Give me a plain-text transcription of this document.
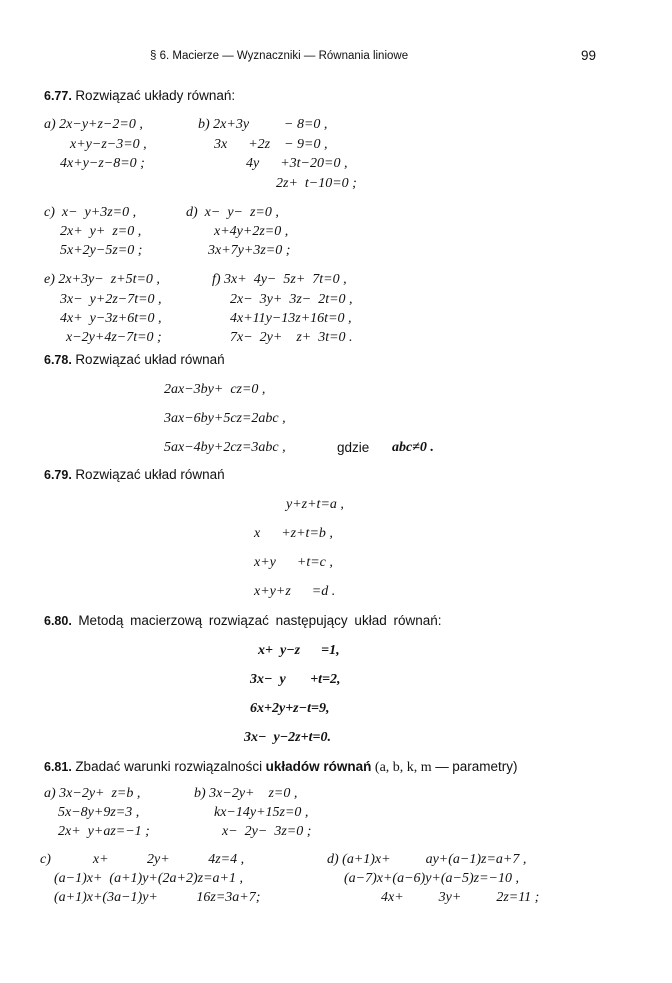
§ 6. Macierze — Wyznaczniki — Równania liniowe	99
6.77. Rozwiązać układy równań:
a) 2x−y+z−2=0 ,
x+y−z−3=0 ,
4x+y−z−8=0 ;
b) 2x+3y          − 8=0 ,
3x      +2z    − 9=0 ,
4y      +3t−20=0 ,
2z+  t−10=0 ;
c)  x−  y+3z=0 ,
2x+  y+  z=0 ,
5x+2y−5z=0 ;
d)  x−  y−  z=0 ,
x+4y+2z=0 ,
3x+7y+3z=0 ;
e) 2x+3y−  z+5t=0 ,
3x−  y+2z−7t=0 ,
4x+  y−3z+6t=0 ,
x−2y+4z−7t=0 ;
f) 3x+  4y−  5z+  7t=0 ,
2x−  3y+  3z−  2t=0 ,
4x+11y−13z+16t=0 ,
7x−  2y+    z+  3t=0 .
6.78. Rozwiązać układ równań
2ax−3by+  cz=0 ,
3ax−6by+5cz=2abc ,
5ax−4by+2cz=3abc ,	gdzie abc≠0 .
6.79. Rozwiązać układ równań
y+z+t=a ,
x      +z+t=b ,
x+y      +t=c ,
x+y+z      =d .
6.80. Metodą macierzową rozwiązać następujący układ równań:
x+  y−z      =1,
3x−  y       +t=2,
6x+2y+z−t=9,
3x−  y−2z+t=0.
6.81. Zbadać warunki rozwiązalności układów równań (a, b, k, m — parametry)
a) 3x−2y+  z=b ,
5x−8y+9z=3 ,
2x+  y+az=−1 ;
b) 3x−2y+    z=0 ,
kx−14y+15z=0 ,
x−  2y−  3z=0 ;
c)            x+           2y+           4z=4 ,
(a−1)x+  (a+1)y+(2a+2)z=a+1 ,
(a+1)x+(3a−1)y+           16z=3a+7;
d) (a+1)x+          ay+(a−1)z=a+7 ,
(a−7)x+(a−6)y+(a−5)z=−10 ,
4x+          3y+          2z=11 ;
